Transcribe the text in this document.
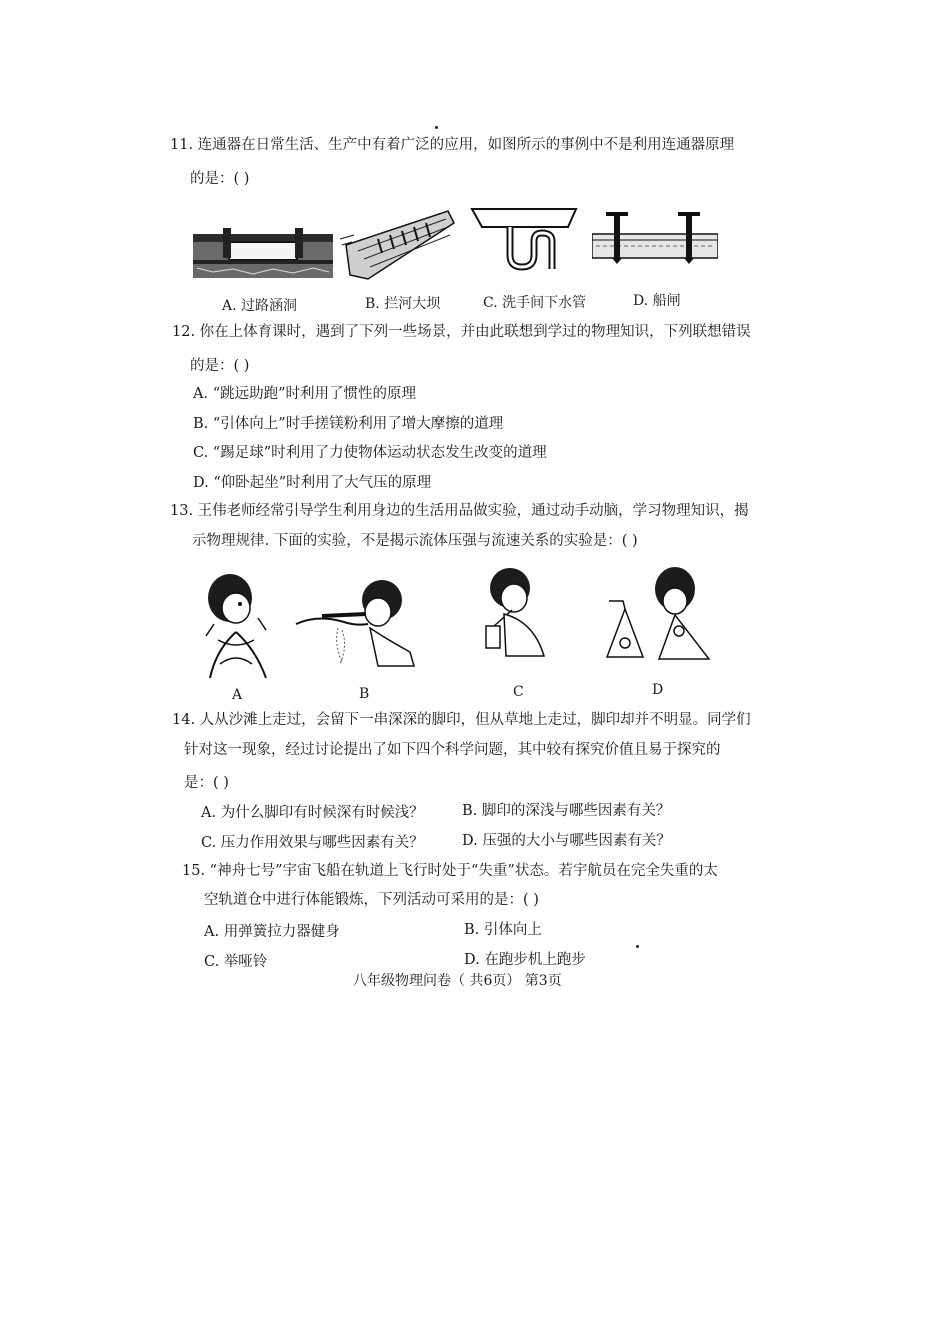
11. 连通器在日常生活、生产中有着广泛的应用，如图所示的事例中不是利用连通器原理
的是：( )
A. 过路涵洞	B. 拦河大坝	C. 洗手间下水管	D. 船闸
12. 你在上体育课时，遇到了下列一些场景，并由此联想到学过的物理知识，下列联想错误
的是：( )
A. “跳远助跑”时利用了惯性的原理
B. “引体向上”时手搓镁粉利用了增大摩擦的道理
C. “踢足球”时利用了力使物体运动状态发生改变的道理
D. “仰卧起坐”时利用了大气压的原理
13. 王伟老师经常引导学生利用身边的生活用品做实验，通过动手动脑，学习物理知识，揭
示物理规律. 下面的实验，不是揭示流体压强与流速关系的实验是：( )
A	B	C	D
14. 人从沙滩上走过，会留下一串深深的脚印，但从草地上走过，脚印却并不明显。同学们
针对这一现象，经过讨论提出了如下四个科学问题，其中较有探究价值且易于探究的
是：( )
A. 为什么脚印有时候深有时候浅？	B. 脚印的深浅与哪些因素有关？
C. 压力作用效果与哪些因素有关？	D. 压强的大小与哪些因素有关？
15. “神舟七号”宇宙飞船在轨道上飞行时处于“失重”状态。若宇航员在完全失重的太
空轨道仓中进行体能锻炼，下列活动可采用的是：( )
A. 用弹簧拉力器健身	B. 引体向上
C. 举哑铃	D. 在跑步机上跑步
八年级物理问卷（ 共6页） 第3页
